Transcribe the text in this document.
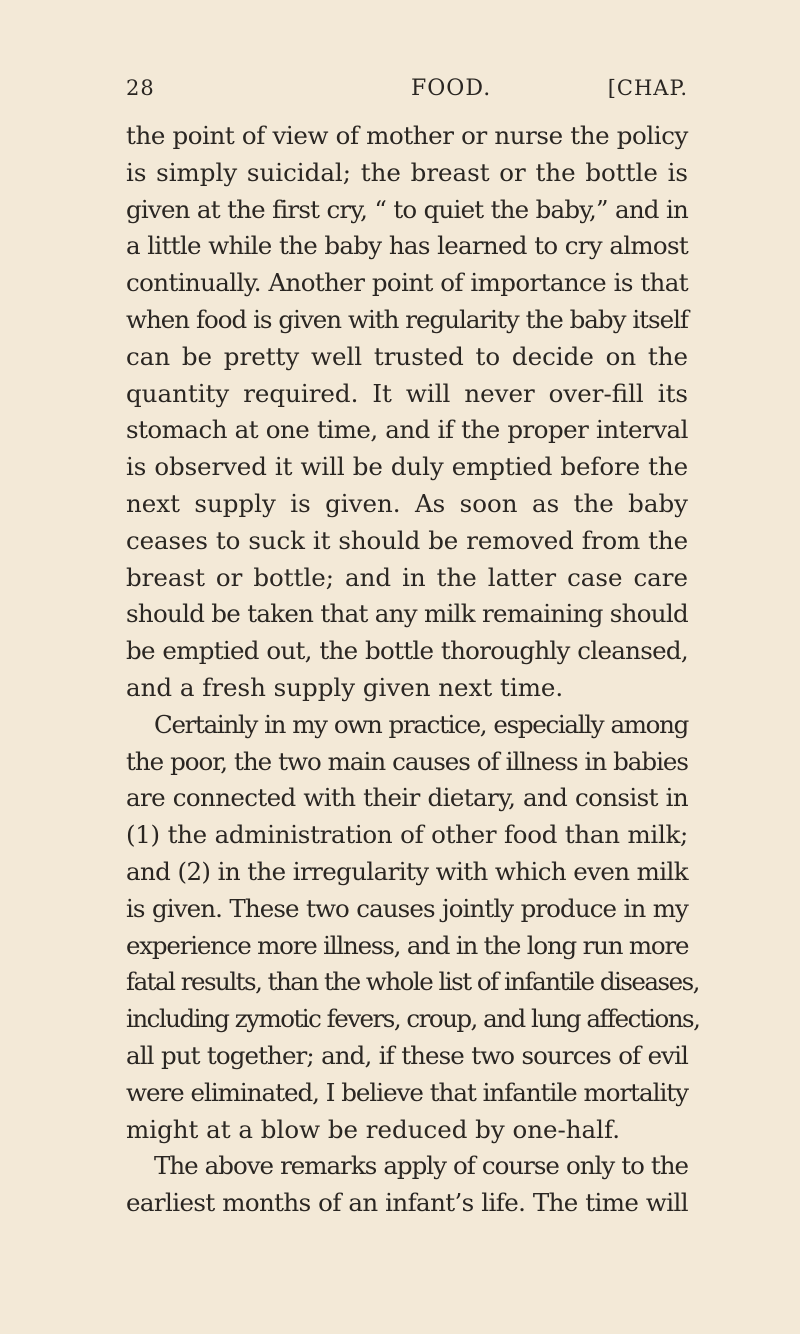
28	FOOD.	[CHAP.
the point of view of mother or nurse the policy
is simply suicidal; the breast or the bottle is
given at the first cry, “ to quiet the baby,” and in
a little while the baby has learned to cry almost
continually. Another point of importance is that
when food is given with regularity the baby itself
can be pretty well trusted to decide on the
quantity required. It will never over-fill its
stomach at one time, and if the proper interval
is observed it will be duly emptied before the
next supply is given. As soon as the baby
ceases to suck it should be removed from the
breast or bottle; and in the latter case care
should be taken that any milk remaining should
be emptied out, the bottle thoroughly cleansed,
and a fresh supply given next time.
Certainly in my own practice, especially among
the poor, the two main causes of illness in babies
are connected with their dietary, and consist in
(1) the administration of other food than milk;
and (2) in the irregularity with which even milk
is given. These two causes jointly produce in my
experience more illness, and in the long run more
fatal results, than the whole list of infantile diseases,
including zymotic fevers, croup, and lung affections,
all put together; and, if these two sources of evil
were eliminated, I believe that infantile mortality
might at a blow be reduced by one-half.
The above remarks apply of course only to the
earliest months of an infant’s life. The time will
